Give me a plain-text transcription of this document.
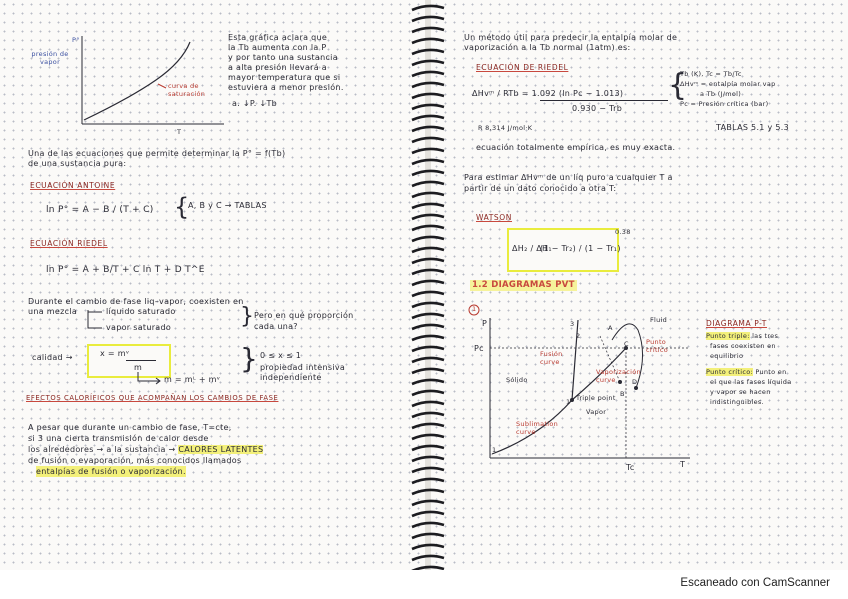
P°
presión de vapor
T
curva de saturación
Esta gráfica aclara que
la Tb aumenta con la P
y por tanto una sustancia
a alta presión llevará a
mayor temperatura que si
estuviera a menor presión.
a. ↓P. ↓Tb
Una de las ecuaciones que permite determinar la P° = f(Tb)
de una sustancia pura:
ECUACIÓN ANTOINE
ln P° = A − B / (T + C) {
A, B y C → TABLAS
ECUACIÓN RIEDEL
ln P° = A + B/T + C ln T + D T^E
Durante el cambio de fase liq–vapor, coexisten en
una mezcla	líquido saturado
vapor saturado	} Pero en qué proporción
cada una?
calidad →	x = mᵛ
m
m = mᴸ + mᵛ
} 0 ≤ x ≤ 1
propiedad intensiva
independiente
EFECTOS CALORÍFICOS QUE ACOMPAÑAN LOS CAMBIOS DE FASE
A pesar que durante un cambio de fase, T=cte,
si 3 una cierta transmisión de calor desde
los alrededores → a la sustancia → CALORES LATENTES
de fusión o evaporación, más conocidos llamados
entalpías de fusión o vaporización.
Un método útil para predecir la entalpía molar de
vaporización a la Tb normal (1atm) es:
ECUACIÓN DE RIEDEL
ΔHvᵐ / RTb = 1.092 (ln Pc − 1.013)
0.930 − Trb
R 8,314 J/mol·K
{
Tb (K), Tc = Tb/Tc
ΔHvᵐ = entalpía molar vap
a Tb (J/mol)
Pc = Presión crítica (bar)
TABLAS 5.1 y 5.3
ecuación totalmente empírica, es muy exacta.
Para estimar ΔHvᵐ de un líq puro a cualquier T a
partir de un dato conocido a otra T:
WATSON
ΔH₂ / ΔH₁
(1 − Tr₂) / (1 − Tr₁)
0.38
1.2 DIAGRAMAS PVT
1
P
Pc
T
Tc
Sólido
Vapor
Fluid
Triple point
Punto crítico
Fusión curve
Vaporización curve
Sublimation curve
A
B
C
D
1
2
3
1
DIAGRAMA P-T
Punto triple: las tres
fases coexisten en
equilibrio
Punto crítico: Punto en
el que las fases líquida
y vapor se hacen
indistinguibles.
Escaneado con CamScanner
